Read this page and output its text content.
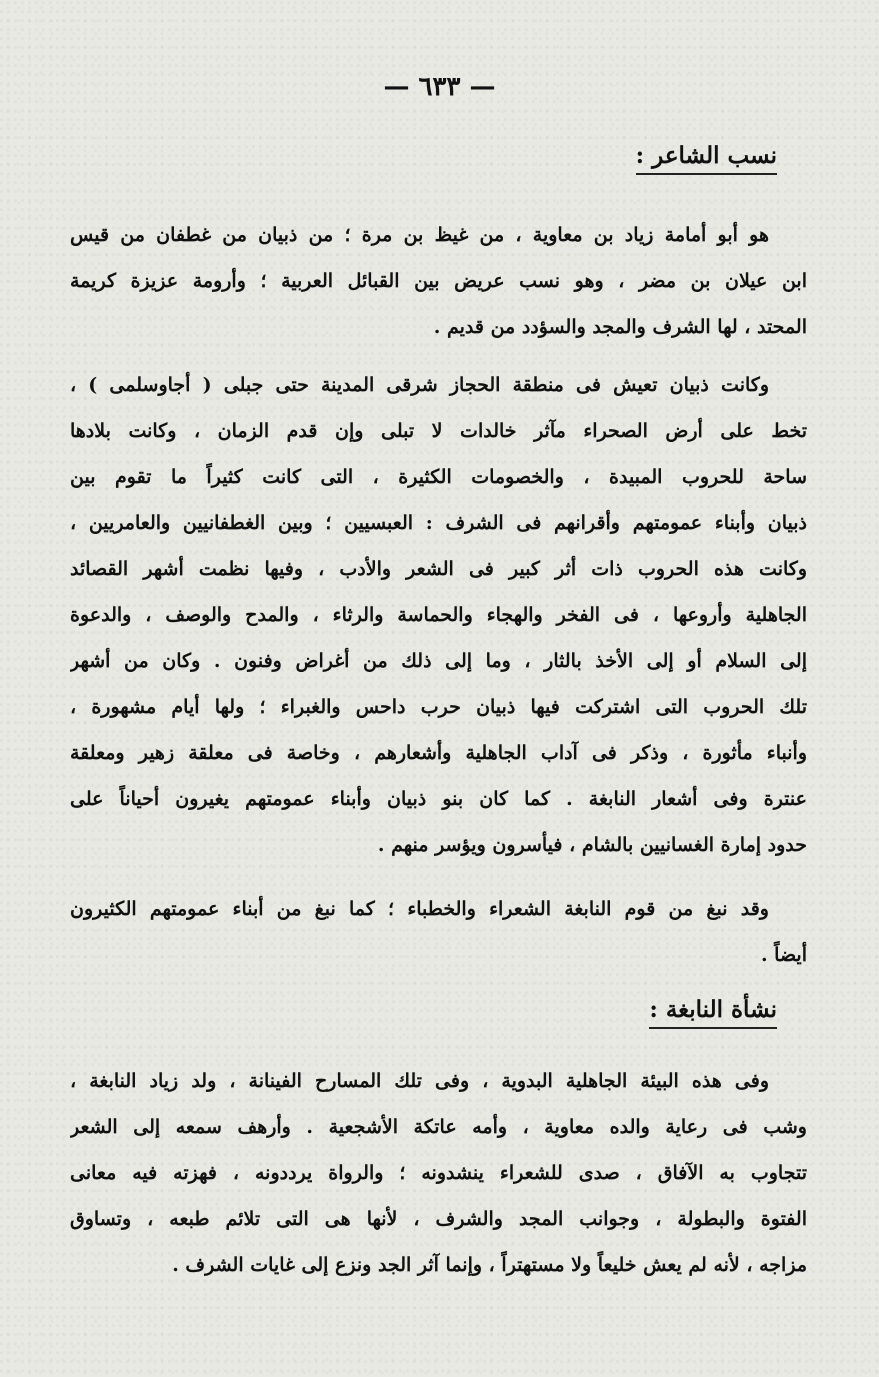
— ٦٣٣ —
نسب الشاعر :
هو أبو أمامة زياد بن معاوية ، من غيظ بن مرة ؛ من ذبيان من غطفان من قيس
ابن عيلان بن مضر ، وهو نسب عريض بين القبائل العربية ؛ وأرومة عزيزة كريمة
المحتد ، لها الشرف والمجد والسؤدد من قديم .
وكانت ذبيان تعيش فى منطقة الحجاز شرقى المدينة حتى جبلى ( أجاوسلمى ) ،
تخط على أرض الصحراء مآثر خالدات لا تبلى وإن قدم الزمان ، وكانت بلادها
ساحة للحروب المبيدة ، والخصومات الكثيرة ، التى كانت كثيراً ما تقوم بين
ذبيان وأبناء عمومتهم وأقرانهم فى الشرف : العبسيين ؛ وبين الغطفانيين والعامريين ،
وكانت هذه الحروب ذات أثر كبير فى الشعر والأدب ، وفيها نظمت أشهر القصائد
الجاهلية وأروعها ، فى الفخر والهجاء والحماسة والرثاء ، والمدح والوصف ، والدعوة
إلى السلام أو إلى الأخذ بالثار ، وما إلى ذلك من أغراض وفنون . وكان من أشهر
تلك الحروب التى اشتركت فيها ذبيان حرب داحس والغبراء ؛ ولها أيام مشهورة ،
وأنباء مأثورة ، وذكر فى آداب الجاهلية وأشعارهم ، وخاصة فى معلقة زهير ومعلقة
عنترة وفى أشعار النابغة . كما كان بنو ذبيان وأبناء عمومتهم يغيرون أحياناً على
حدود إمارة الغسانيين بالشام ، فيأسرون ويؤسر منهم .
وقد نبغ من قوم النابغة الشعراء والخطباء ؛ كما نبغ من أبناء عمومتهم الكثيرون
أيضاً .
نشأة النابغة :
وفى هذه البيئة الجاهلية البدوية ، وفى تلك المسارح الفينانة ، ولد زياد النابغة ،
وشب فى رعاية والده معاوية ، وأمه عاتكة الأشجعية . وأرهف سمعه إلى الشعر
تتجاوب به الآفاق ، صدى للشعراء ينشدونه ؛ والرواة يرددونه ، فهزته فيه معانى
الفتوة والبطولة ، وجوانب المجد والشرف ، لأنها هى التى تلائم طبعه ، وتساوق
مزاجه ، لأنه لم يعش خليعاً ولا مستهتراً ، وإنما آثر الجد ونزع إلى غايات الشرف .
